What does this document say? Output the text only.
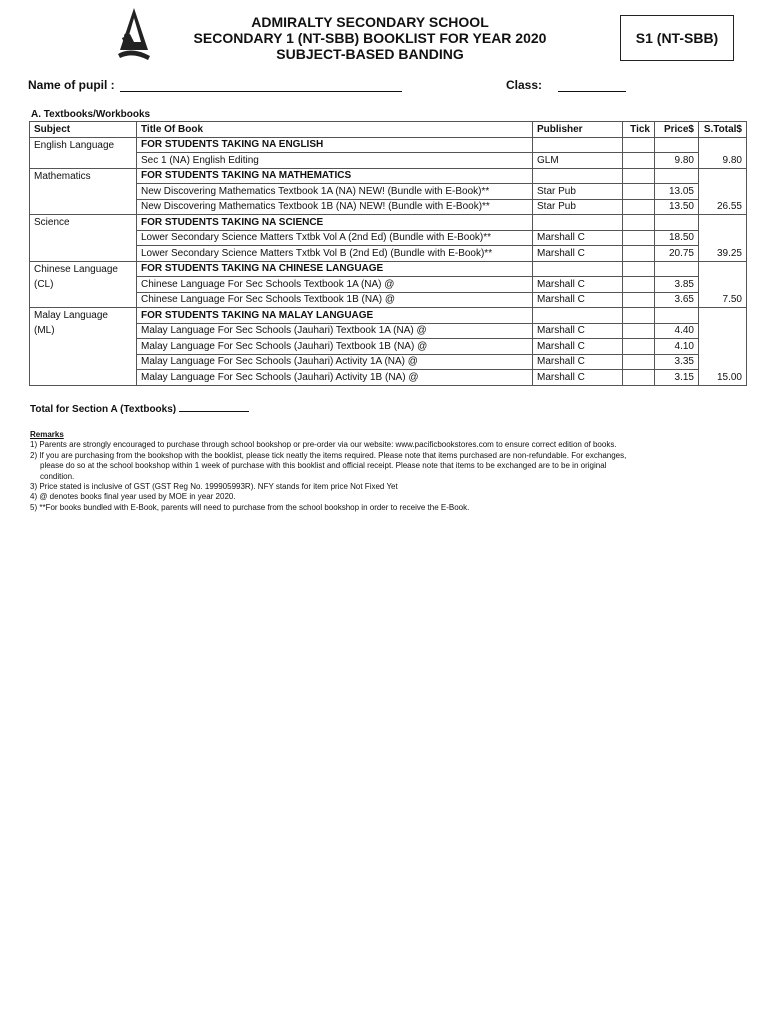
ADMIRALTY SECONDARY SCHOOL
SECONDARY 1 (NT-SBB) BOOKLIST FOR YEAR 2020
SUBJECT-BASED BANDING
S1 (NT-SBB)
Name of pupil :	Class:
A. Textbooks/Workbooks
Subject	Title Of Book	Publisher	Tick	Price$	S.Total$
English Language	FOR STUDENTS TAKING NA ENGLISH				
	Sec 1 (NA) English Editing	GLM		9.80	9.80
Mathematics	FOR STUDENTS TAKING NA MATHEMATICS				
	New Discovering Mathematics Textbook 1A (NA) NEW! (Bundle with E-Book)**	Star Pub		13.05	
	New Discovering Mathematics Textbook 1B (NA) NEW! (Bundle with E-Book)**	Star Pub		13.50	26.55
Science	FOR STUDENTS TAKING NA SCIENCE				
	Lower Secondary Science Matters Txtbk Vol A (2nd Ed) (Bundle with E-Book)**	Marshall C		18.50	
	Lower Secondary Science Matters Txtbk Vol B (2nd Ed) (Bundle with E-Book)**	Marshall C		20.75	39.25
Chinese Language	FOR STUDENTS TAKING NA CHINESE LANGUAGE				
(CL)	Chinese Language For Sec Schools Textbook 1A (NA) @	Marshall C		3.85	
	Chinese Language For Sec Schools Textbook 1B (NA) @	Marshall C		3.65	7.50
Malay Language	FOR STUDENTS TAKING NA MALAY LANGUAGE				
(ML)	Malay Language For Sec Schools (Jauhari) Textbook 1A (NA) @	Marshall C		4.40	
	Malay Language For Sec Schools (Jauhari) Textbook 1B (NA) @	Marshall C		4.10	
	Malay Language For Sec Schools (Jauhari) Activity 1A (NA) @	Marshall C		3.35	
	Malay Language For Sec Schools (Jauhari) Activity 1B (NA) @	Marshall C		3.15	15.00
Total for Section A (Textbooks)
Remarks
1) Parents are strongly encouraged to purchase through school bookshop or pre-order via our website: www.pacificbookstores.com to ensure correct edition of books.
2) If you are purchasing from the bookshop with the booklist, please tick neatly the items required. Please note that items purchased are non-refundable. For exchanges,
please do so at the school bookshop within 1 week of purchase with this booklist and official receipt. Please note that items to be exchanged are to be in original
condition.
3) Price stated is inclusive of GST (GST Reg No. 199905993R). NFY stands for item price Not Fixed Yet
4) @ denotes books final year used by MOE in year 2020.
5) **For books bundled with E-Book, parents will need to purchase from the school bookshop in order to receive the E-Book.
